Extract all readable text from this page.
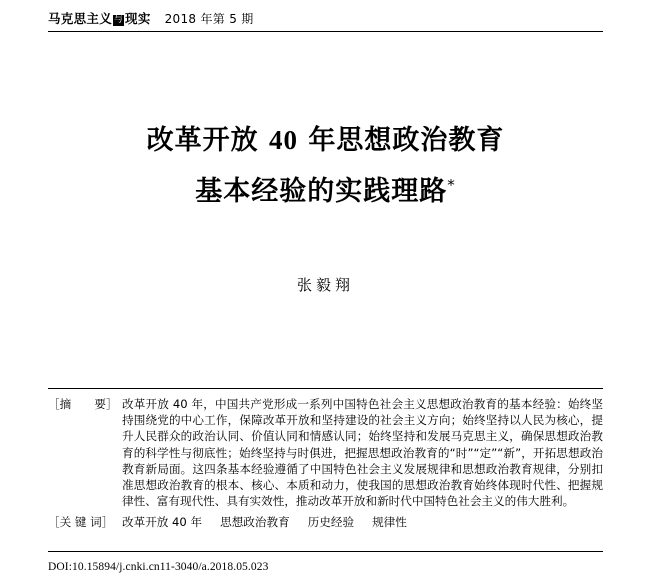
马克思主义 与 现实 2018 年第 5 期
改革开放 40 年思想政治教育
基本经验的实践理路*
张毅翔
［摘　　要］ 改革开放 40 年，中国共产党形成一系列中国特色社会主义思想政治教育的基本经验：始终坚持围绕党的中心工作，保障改革开放和坚持建设的社会主义方向；始终坚持以人民为核心，提升人民群众的政治认同、价值认同和情感认同；始终坚持和发展马克思主义，确保思想政治教育的科学性与彻底性；始终坚持与时俱进，把握思想政治教育的“时”“定”“新”，开拓思想政治教育新局面。这四条基本经验遵循了中国特色社会主义发展规律和思想政治教育规律，分别扣准思想政治教育的根本、核心、本质和动力，使我国的思想政治教育始终体现时代性、把握规律性、富有现代性、具有实效性，推动改革开放和新时代中国特色社会主义的伟大胜利。
［关 键 词］ 改革开放 40 年 思想政治教育 历史经验 规律性
DOI:10.15894/j.cnki.cn11-3040/a.2018.05.023
